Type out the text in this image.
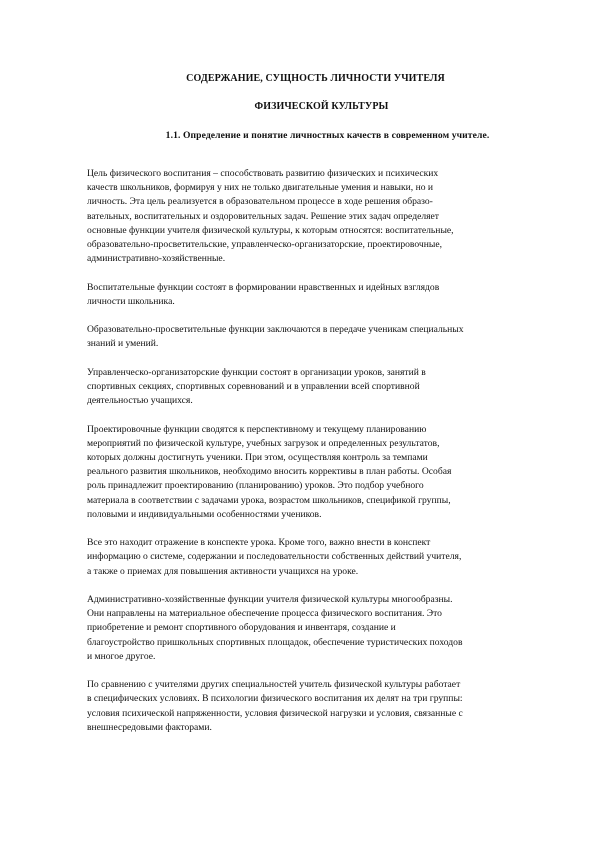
СОДЕРЖАНИЕ, СУЩНОСТЬ ЛИЧНОСТИ УЧИТЕЛЯ
ФИЗИЧЕСКОЙ КУЛЬТУРЫ
1.1. Определение и понятие личностных качеств в современном учителе.

Цель физического воспитания – способствовать развитию физических и психических
качеств школьников, формируя у них не только двигательные умения и навыки, но и
личность. Эта цель реализуется в образовательном процессе в ходе решения образо-
вательных, воспитательных и оздоровительных задач. Решение этих задач определяет
основные функции учителя физической культуры, к которым относятся: воспитательные,
образовательно-просветительские, управленческо-организаторские, проектировочные,
административно-хозяйственные.

Воспитательные функции состоят в формировании нравственных и идейных взглядов
личности школьника.

Образовательно-просветительные функции заключаются в передаче ученикам специальных
знаний и умений.

Управленческо-организаторские функции состоят в организации уроков, занятий в
спортивных секциях, спортивных соревнований и в управлении всей спортивной
деятельностью учащихся.

Проектировочные функции сводятся к перспективному и текущему планированию
мероприятий по физической культуре, учебных загрузок и определенных результатов,
которых должны достигнуть ученики. При этом, осуществляя контроль за темпами
реального развития школьников, необходимо вносить коррективы в план работы. Особая
роль принадлежит проектированию (планированию) уроков. Это подбор учебного
материала в соответствии с задачами урока, возрастом школьников, спецификой группы,
половыми и индивидуальными особенностями учеников.

Все это находит отражение в конспекте урока. Кроме того, важно внести в конспект
информацию о системе, содержании и последовательности собственных действий учителя,
а также о приемах для повышения активности учащихся на уроке.

Административно-хозяйственные функции учителя физической культуры многообразны.
Они направлены на материальное обеспечение процесса физического воспитания. Это
приобретение и ремонт спортивного оборудования и инвентаря, создание и
благоустройство пришкольных спортивных площадок, обеспечение туристических походов
и многое другое.

По сравнению с учителями других специальностей учитель физической культуры работает
в специфических условиях. В психологии физического воспитания их делят на три группы:
условия психической напряженности, условия физической нагрузки и условия, связанные с
внешнесредовыми факторами.
